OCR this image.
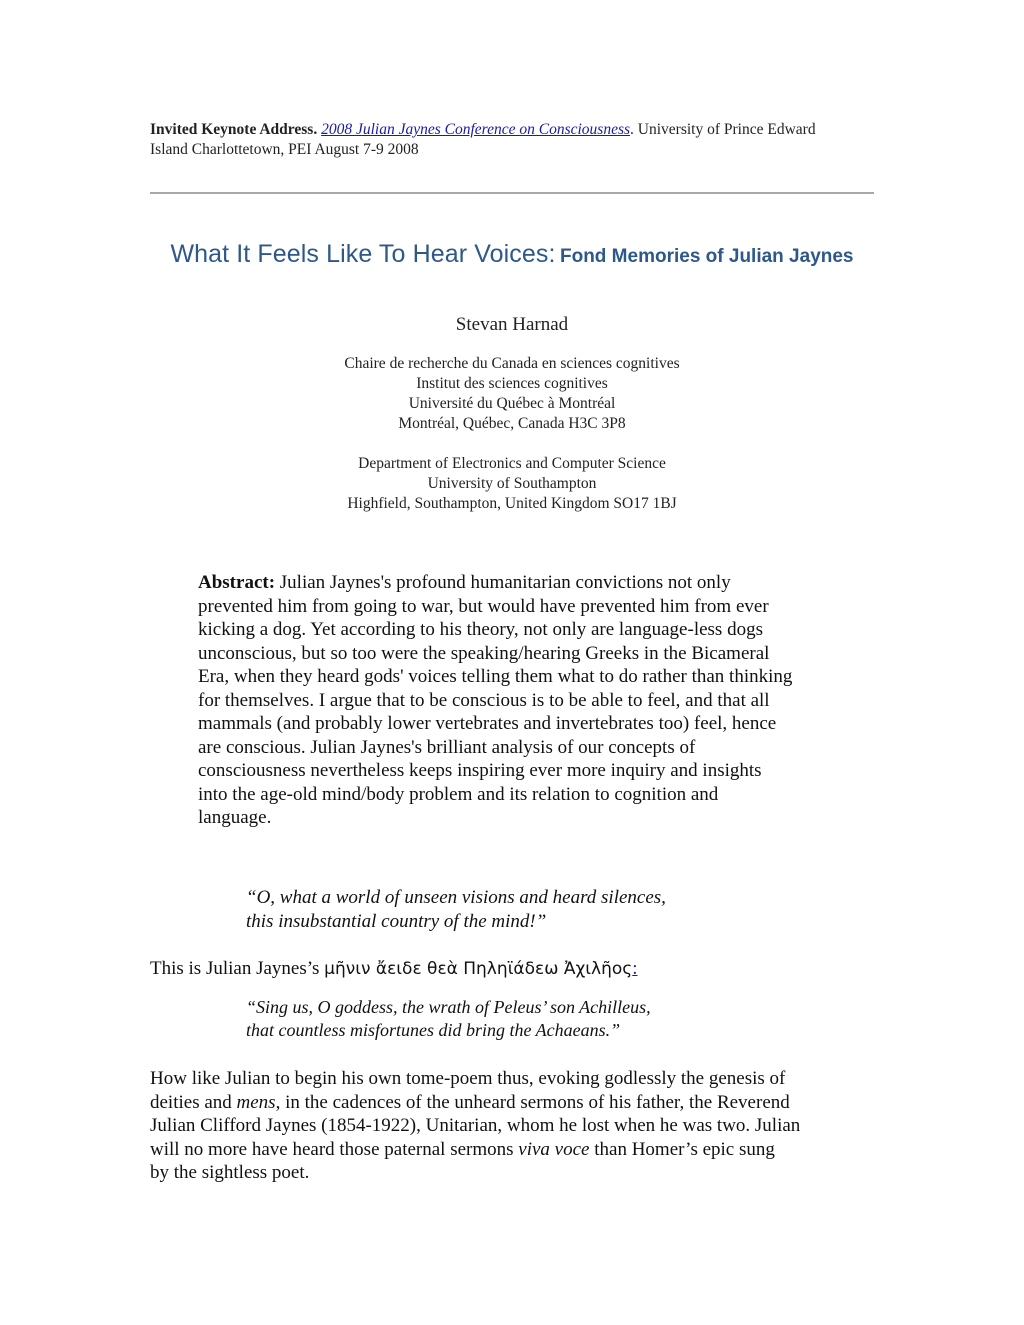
Invited Keynote Address. 2008 Julian Jaynes Conference on Consciousness. University of Prince Edward
Island Charlottetown, PEI August 7-9 2008
What It Feels Like To Hear Voices: Fond Memories of Julian Jaynes
Stevan Harnad
Chaire de recherche du Canada en sciences cognitives
Institut des sciences cognitives
Université du Québec à Montréal
Montréal, Québec, Canada H3C 3P8
Department of Electronics and Computer Science
University of Southampton
Highfield, Southampton, United Kingdom SO17 1BJ
Abstract: Julian Jaynes's profound humanitarian convictions not only
prevented him from going to war, but would have prevented him from ever
kicking a dog. Yet according to his theory, not only are language-less dogs
unconscious, but so too were the speaking/hearing Greeks in the Bicameral
Era, when they heard gods' voices telling them what to do rather than thinking
for themselves. I argue that to be conscious is to be able to feel, and that all
mammals (and probably lower vertebrates and invertebrates too) feel, hence
are conscious. Julian Jaynes's brilliant analysis of our concepts of
consciousness nevertheless keeps inspiring ever more inquiry and insights
into the age-old mind/body problem and its relation to cognition and
language.
“O, what a world of unseen visions and heard silences,
this insubstantial country of the mind!”
This is Julian Jaynes’s μῆνιν ἄειδε θεὰ Πηληϊάδεω Ἀχιλῆος:
“Sing us, O goddess, the wrath of Peleus’ son Achilleus,
that countless misfortunes did bring the Achaeans.”
How like Julian to begin his own tome-poem thus, evoking godlessly the genesis of
deities and mens, in the cadences of the unheard sermons of his father, the Reverend
Julian Clifford Jaynes (1854-1922), Unitarian, whom he lost when he was two. Julian
will no more have heard those paternal sermons viva voce than Homer’s epic sung
by the sightless poet.
